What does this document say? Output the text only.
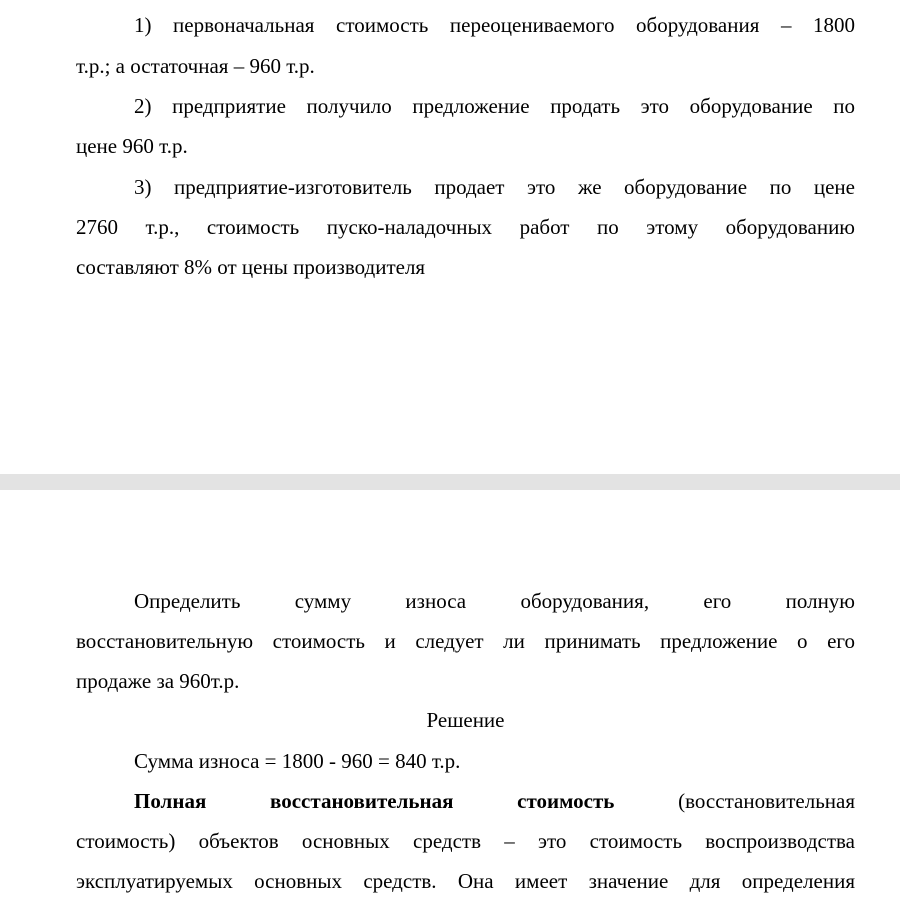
1) первоначальная стоимость переоцениваемого оборудования – 1800
т.р.; а остаточная – 960 т.р.
2) предприятие получило предложение продать это оборудование по
цене 960 т.р.
3) предприятие-изготовитель продает это же оборудование по цене
2760 т.р., стоимость пуско-наладочных работ по этому оборудованию
составляют 8% от цены производителя
Определить сумму износа оборудования, его полную
восстановительную стоимость и следует ли принимать предложение о его
продаже за 960т.р.
Решение
Сумма износа = 1800 - 960 = 840 т.р.
Полная восстановительная стоимость	(восстановительная
стоимость) объектов основных средств – это стоимость воспроизводства
эксплуатируемых основных средств. Она имеет значение для определения
